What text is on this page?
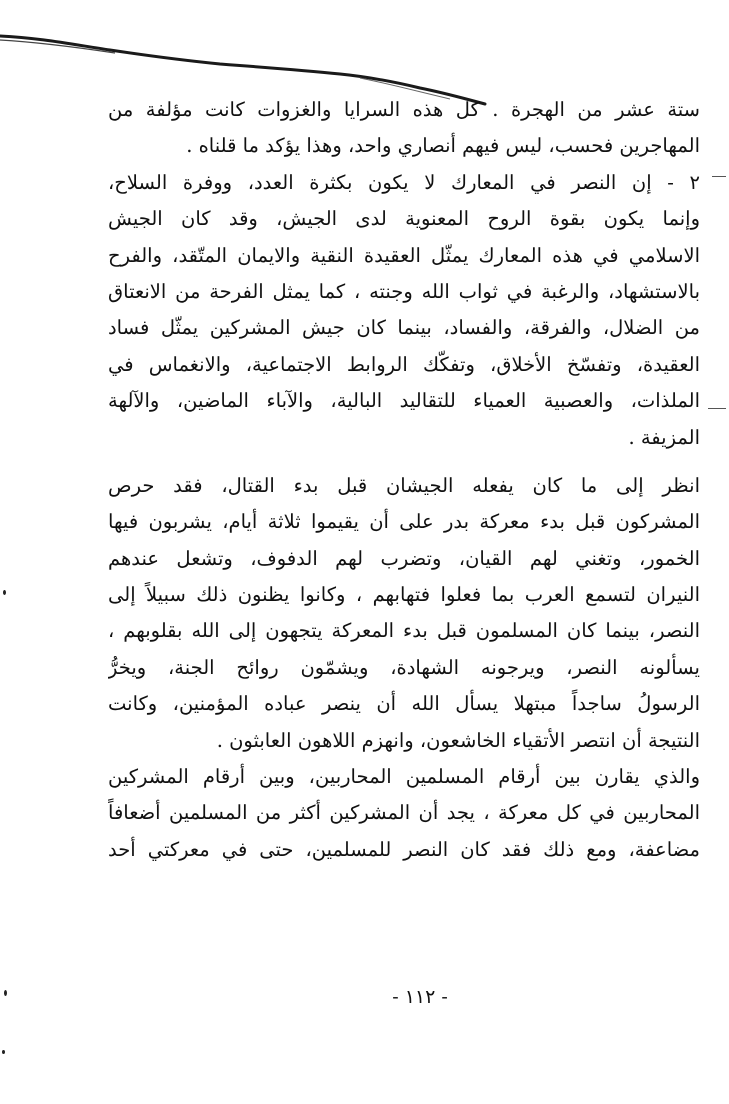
ستة عشر من الهجرة . كل هذه السرايا والغزوات كانت مؤلفة من
المهاجرين فحسب، ليس فيهم أنصاري واحد، وهذا يؤكد ما قلناه .
٢ - إن النصر في المعارك لا يكون بكثرة العدد، ووفرة السلاح،
وإنما يكون بقوة الروح المعنوية لدى الجيش، وقد كان الجيش
الاسلامي في هذه المعارك يمثّل العقيدة النقية والايمان المتّقد، والفرح
بالاستشهاد، والرغبة في ثواب الله وجنته ، كما يمثل الفرحة من الانعتاق
من الضلال، والفرقة، والفساد، بينما كان جيش المشركين يمثّل فساد
العقيدة، وتفسّخ الأخلاق، وتفكّك الروابط الاجتماعية، والانغماس في
الملذات، والعصبية العمياء للتقاليد البالية، والآباء الماضين، والآلهة
المزيفة .
انظر إلى ما كان يفعله الجيشان قبل بدء القتال، فقد حرص
المشركون قبل بدء معركة بدر على أن يقيموا ثلاثة أيام، يشربون فيها
الخمور، وتغني لهم القيان، وتضرب لهم الدفوف، وتشعل عندهم
النيران لتسمع العرب بما فعلوا فتهابهم ، وكانوا يظنون ذلك سبيلاً إلى
النصر، بينما كان المسلمون قبل بدء المعركة يتجهون إلى الله بقلوبهم ،
يسألونه النصر، ويرجونه الشهادة، ويشمّون روائح الجنة، ويخرُّ
الرسولُ ساجداً مبتهلا يسأل الله أن ينصر عباده المؤمنين، وكانت
النتيجة أن انتصر الأتقياء الخاشعون، وانهزم اللاهون العابثون .
والذي يقارن بين أرقام المسلمين المحاربين، وبين أرقام المشركين
المحاربين في كل معركة ، يجد أن المشركين أكثر من المسلمين أضعافاً
مضاعفة، ومع ذلك فقد كان النصر للمسلمين، حتى في معركتي أحد
- ١١٢ -
